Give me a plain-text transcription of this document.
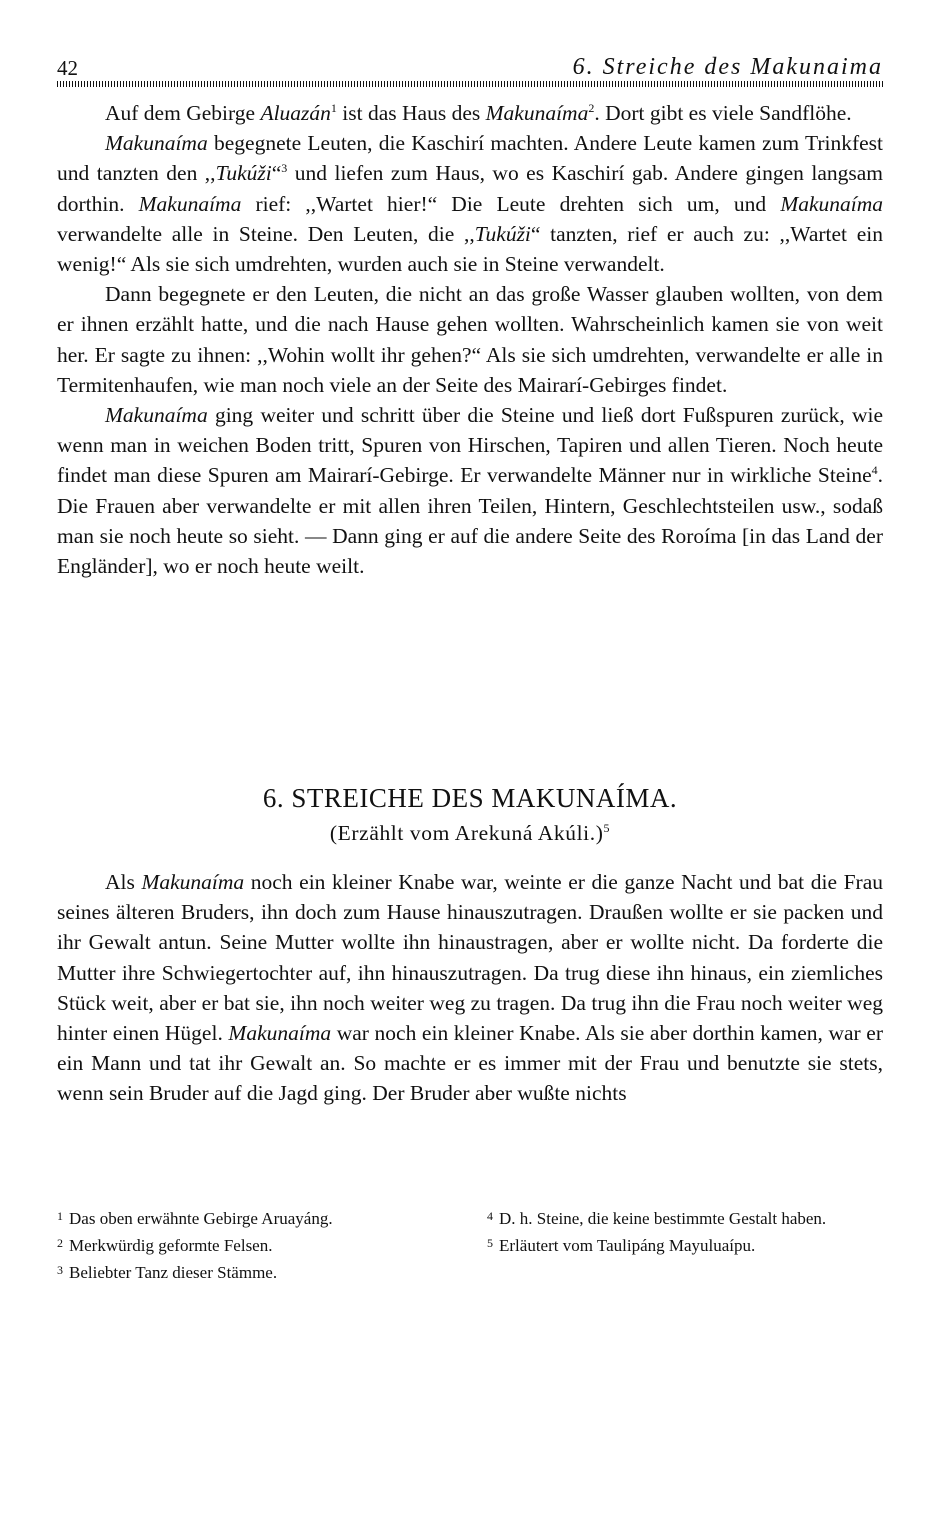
42	6. Streiche des Makunaima

Auf dem Gebirge Aluazán$^1$ ist das Haus des Makunaíma$^2$. Dort gibt es viele Sandflöhe.

Makunaíma begegnete Leuten, die Kaschirí machten. Andere Leute kamen zum Trinkfest und tanzten den ,,Tukúži“$^3$ und liefen zum Haus, wo es Kaschirí gab. Andere gingen langsam dorthin. Makunaíma rief: ,,Wartet hier!“ Die Leute drehten sich um, und Makunaíma verwandelte alle in Steine. Den Leuten, die ,,Tukúži“ tanzten, rief er auch zu: ,,Wartet ein wenig!“ Als sie sich umdrehten, wurden auch sie in Steine verwandelt.

Dann begegnete er den Leuten, die nicht an das große Wasser glauben wollten, von dem er ihnen erzählt hatte, und die nach Hause gehen wollten. Wahrscheinlich kamen sie von weit her. Er sagte zu ihnen: ,,Wohin wollt ihr gehen?“ Als sie sich umdrehten, verwandelte er alle in Termitenhaufen, wie man noch viele an der Seite des Mairarí-Gebirges findet.

Makunaíma ging weiter und schritt über die Steine und ließ dort Fußspuren zurück, wie wenn man in weichen Boden tritt, Spuren von Hirschen, Tapiren und allen Tieren. Noch heute findet man diese Spuren am Mairarí-Gebirge. Er verwandelte Männer nur in wirkliche Steine$^4$. Die Frauen aber verwandelte er mit allen ihren Teilen, Hintern, Geschlechtsteilen usw., sodaß man sie noch heute so sieht. — Dann ging er auf die andere Seite des Roroíma [in das Land der Engländer], wo er noch heute weilt.

6. STREICHE DES MAKUNAÍMA.
(Erzählt vom Arekuná Akúli.)$^5$

Als Makunaíma noch ein kleiner Knabe war, weinte er die ganze Nacht und bat die Frau seines älteren Bruders, ihn doch zum Hause hinauszutragen. Draußen wollte er sie packen und ihr Gewalt antun. Seine Mutter wollte ihn hinaustragen, aber er wollte nicht. Da forderte die Mutter ihre Schwiegertochter auf, ihn hinauszutragen. Da trug diese ihn hinaus, ein ziemliches Stück weit, aber er bat sie, ihn noch weiter weg zu tragen. Da trug ihn die Frau noch weiter weg hinter einen Hügel. Makunaíma war noch ein kleiner Knabe. Als sie aber dorthin kamen, war er ein Mann und tat ihr Gewalt an. So machte er es immer mit der Frau und benutzte sie stets, wenn sein Bruder auf die Jagd ging. Der Bruder aber wußte nichts

$^1$ Das oben erwähnte Gebirge Aruayáng.

$^2$ Merkwürdig geformte Felsen.

$^3$ Beliebter Tanz dieser Stämme.

$^4$ D. h. Steine, die keine bestimmte Gestalt haben.

$^5$ Erläutert vom Taulipáng Mayuluaípu.
